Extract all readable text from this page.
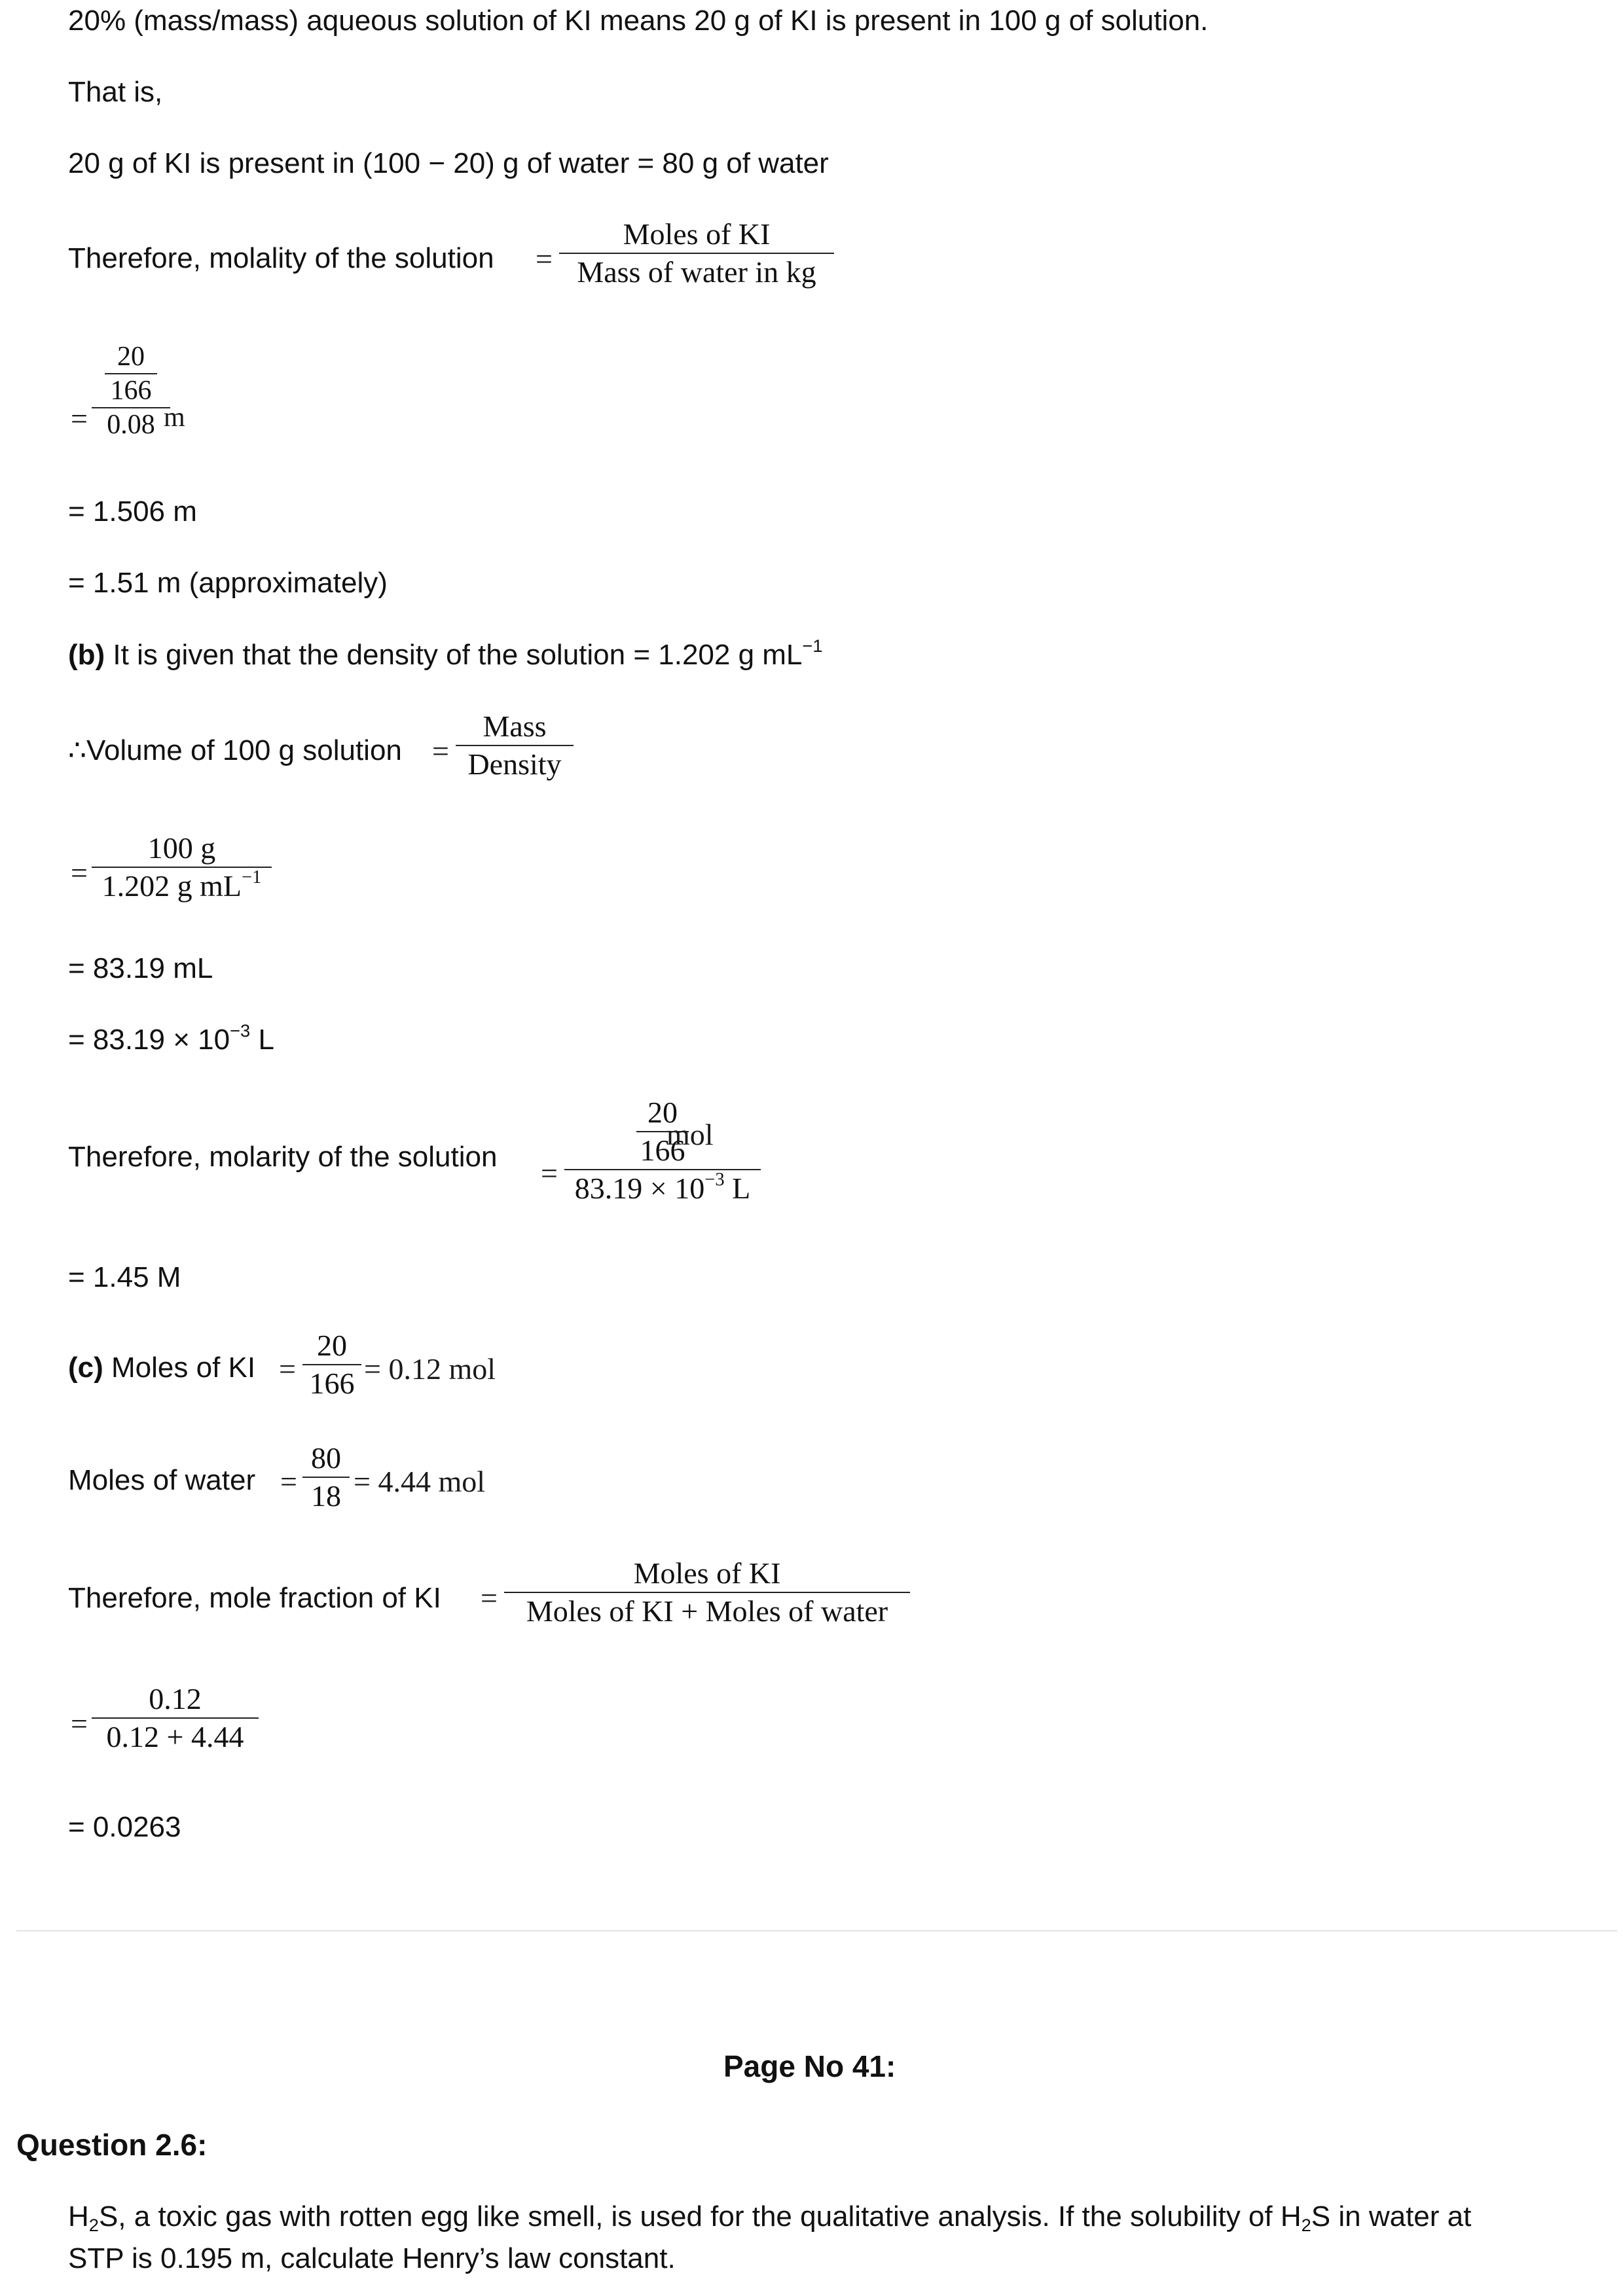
20% (mass/mass) aqueous solution of KI means 20 g of KI is present in 100 g of solution.
That is,
20 g of KI is present in (100 − 20) g of water = 80 g of water
Therefore, molality of the solution =
Moles of KI
Mass of water in kg
=
20
166
0.08 m
= 1.506 m
= 1.51 m (approximately)
(b) It is given that the density of the solution = 1.202 g $mL^{-1}$
∴Volume of 100 g solution =
Mass
Density
=
100 g
1.202 g $mL^{-1}$
= 83.19 mL
= $83.19 \times 10^{-3}$ L
Therefore, molarity of the solution =
20
166
$83.19 \times 10^{-3}$ L
mol
= 1.45 M
(c) Moles of KI =
20
166 = 0.12 mol
Moles of water =
80
18 = 4.44 mol
Therefore, mole fraction of KI =
Moles of KI
Moles of KI + Moles of water
=
0.12
0.12 + 4.44
= 0.0263
Page No 41:
Question 2.6:
$H_2S$, a toxic gas with rotten egg like smell, is used for the qualitative analysis. If the solubility of $H_2S$ in water at
STP is 0.195 m, calculate Henry’s law constant.
